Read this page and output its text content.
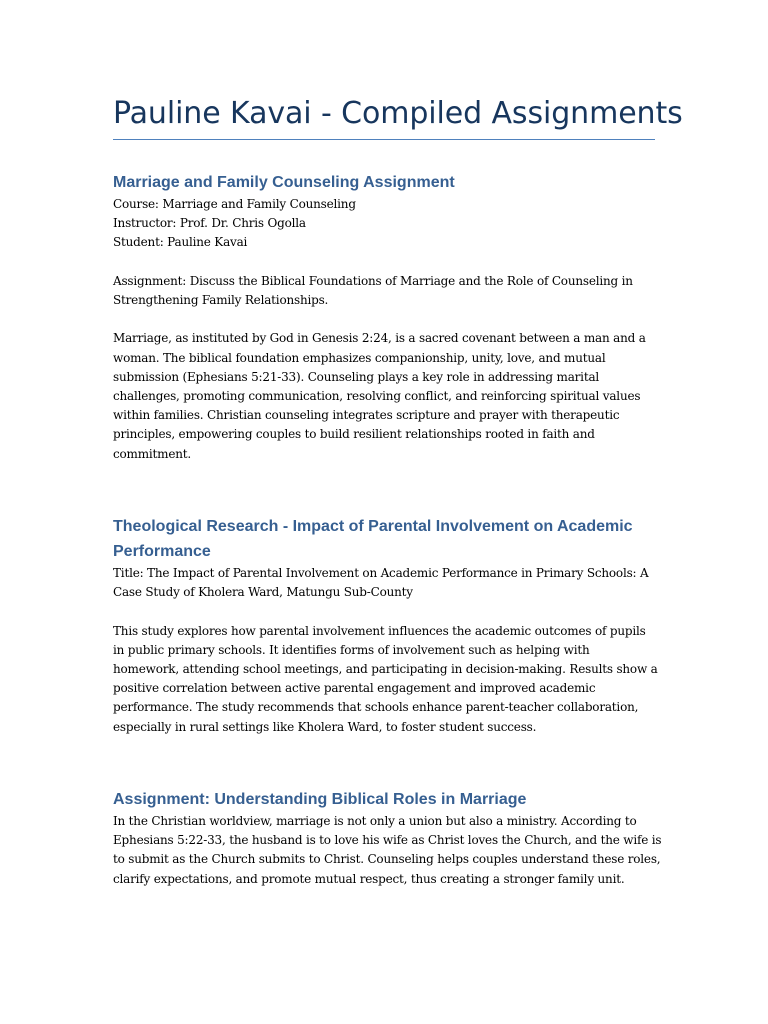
Pauline Kavai - Compiled Assignments
Marriage and Family Counseling Assignment

Course: Marriage and Family Counseling
Instructor: Prof. Dr. Chris Ogolla
Student: Pauline Kavai

Assignment: Discuss the Biblical Foundations of Marriage and the Role of Counseling in
Strengthening Family Relationships.

Marriage, as instituted by God in Genesis 2:24, is a sacred covenant between a man and a
woman. The biblical foundation emphasizes companionship, unity, love, and mutual
submission (Ephesians 5:21-33). Counseling plays a key role in addressing marital
challenges, promoting communication, resolving conflict, and reinforcing spiritual values
within families. Christian counseling integrates scripture and prayer with therapeutic
principles, empowering couples to build resilient relationships rooted in faith and
commitment.

Theological Research - Impact of Parental Involvement on Academic
Performance

Title: The Impact of Parental Involvement on Academic Performance in Primary Schools: A
Case Study of Kholera Ward, Matungu Sub-County

This study explores how parental involvement influences the academic outcomes of pupils
in public primary schools. It identifies forms of involvement such as helping with
homework, attending school meetings, and participating in decision-making. Results show a
positive correlation between active parental engagement and improved academic
performance. The study recommends that schools enhance parent-teacher collaboration,
especially in rural settings like Kholera Ward, to foster student success.

Assignment: Understanding Biblical Roles in Marriage

In the Christian worldview, marriage is not only a union but also a ministry. According to
Ephesians 5:22-33, the husband is to love his wife as Christ loves the Church, and the wife is
to submit as the Church submits to Christ. Counseling helps couples understand these roles,
clarify expectations, and promote mutual respect, thus creating a stronger family unit.
